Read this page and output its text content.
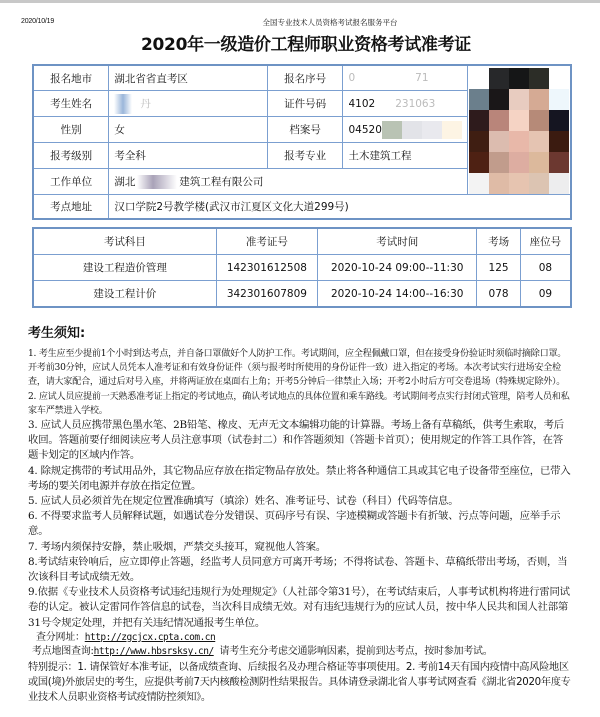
2020/10/19	全国专业技术人员资格考试报名服务平台
2020年一级造价工程师职业资格考试准考证
报名地市	湖北省省直考区	报名序号	0 71	

考生姓名	丹	证件号码	4102 231063	
性别	女	档案号	04520	
报考级别	考全科	报考专业	土木建筑工程	
工作单位	湖北 建筑工程有限公司			
考点地址	汉口学院2号教学楼(武汉市江夏区文化大道299号)			
考试科目	准考证号	考试时间	考场	座位号
建设工程造价管理	142301612508	2020-10-24 09:00--11:30	125	08
建设工程计价	342301607809	2020-10-24 14:00--16:30	078	09
考生须知:

1. 考生应至少提前1个小时到达考点，并自备口罩做好个人防护工作。考试期间，应全程佩戴口罩，但在接受身份验证时须临时摘除口罩。开考前30分钟，应试人员凭本人准考证和有效身份证件（须与报考时所使用的身份证件一致）进入指定的考场。本次考试实行进场安全检查，请大家配合，通过后对号入座，并将两证放在桌面右上角；开考5分钟后一律禁止入场；开考2小时后方可交卷退场（特殊规定除外）。

2. 应试人员应提前一天熟悉准考证上指定的考试地点，确认考试地点的具体位置和乘车路线。考试期间考点实行封闭式管理，陪考人员和私家车严禁进入学校。

3. 应试人员应携带黑色墨水笔、2B铅笔、橡皮、无声无文本编辑功能的计算器。考场上备有草稿纸，供考生索取，考后收回。答题前要仔细阅读应考人员注意事项（试卷封二）和作答题须知（答题卡首页）；使用规定的作答工具作答，在答题卡划定的区域内作答。

4. 除规定携带的考试用品外，其它物品应存放在指定物品存放处。禁止将各种通信工具或其它电子设备带至座位，已带入考场的要关闭电源并存放在指定位置。

5. 应试人员必须首先在规定位置准确填写（填涂）姓名、准考证号、试卷（科目）代码等信息。

6. 不得要求监考人员解释试题，如遇试卷分发错误、页码序号有误、字迹模糊或答题卡有折皱、污点等问题，应举手示意。

7. 考场内须保持安静，禁止吸烟，严禁交头接耳，窥视他人答案。

8.考试结束铃响后，应立即停止答题，经监考人员同意方可离开考场；不得将试卷、答题卡、草稿纸带出考场，否则，当次该科目考试成绩无效。

9.依据《专业技术人员资格考试违纪违规行为处理规定》（人社部令第31号），在考试结束后，人事考试机构将进行雷同试卷的认定。被认定雷同作答信息的试卷，当次科目成绩无效。对有违纪违规行为的应试人员，按中华人民共和国人社部第31号令规定处理，并把有关违纪情况通报考生单位。

查分网址：http://zgcjcx.cpta.com.cn

考点地图查询:http://www.hbsrsksy.cn/ 请考生充分考虑交通影响因素，提前到达考点，按时参加考试。

特别提示：1. 请保管好本准考证，以备成绩查询、后续报名及办理合格证等事项使用。2. 考前14天有国内疫情中高风险地区或国(境)外旅居史的考生，应提供考前7天内核酸检测阴性结果报告。具体请登录湖北省人事考试网查看《湖北省2020年度专业技术人员职业资格考试疫情防控须知》。
